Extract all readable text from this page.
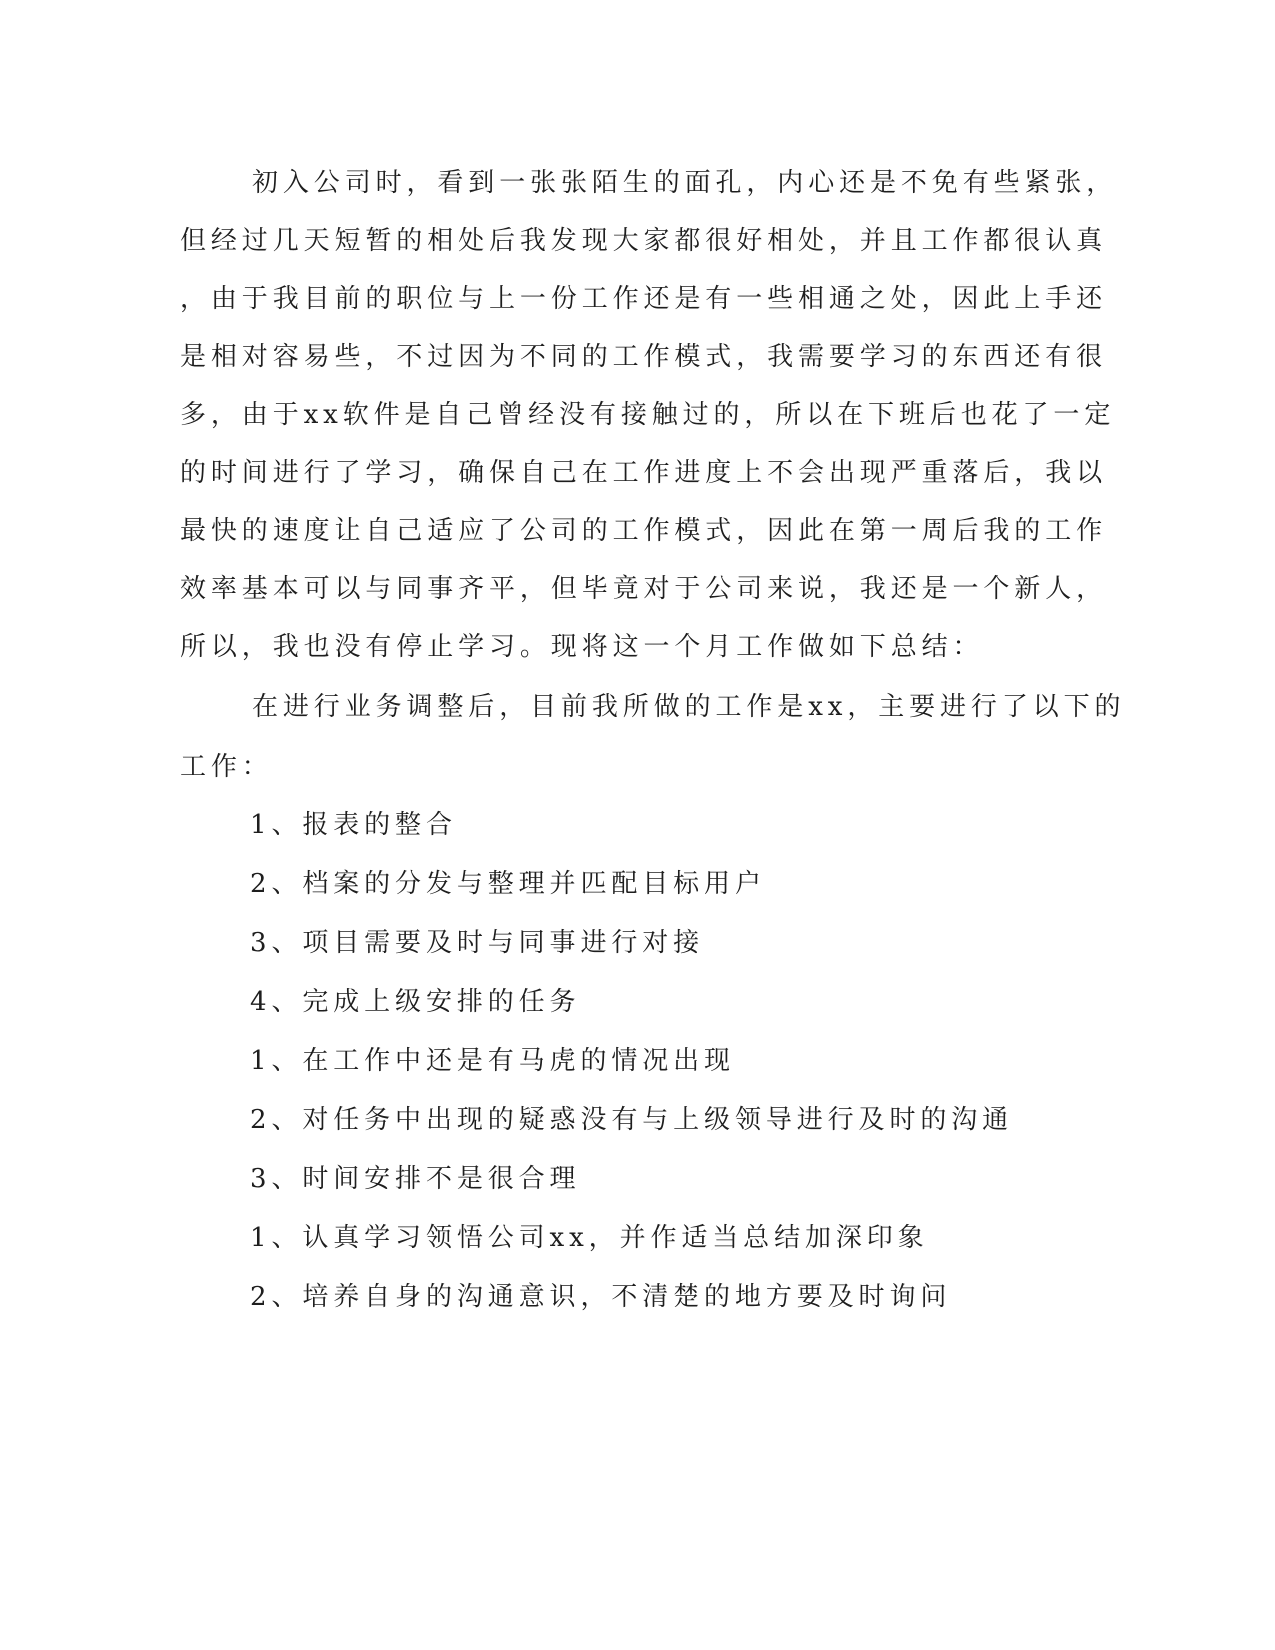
初入公司时，看到一张张陌生的面孔，内心还是不免有些紧张，
但经过几天短暂的相处后我发现大家都很好相处，并且工作都很认真
，由于我目前的职位与上一份工作还是有一些相通之处，因此上手还
是相对容易些，不过因为不同的工作模式，我需要学习的东西还有很
多，由于xx软件是自己曾经没有接触过的，所以在下班后也花了一定
的时间进行了学习，确保自己在工作进度上不会出现严重落后，我以
最快的速度让自己适应了公司的工作模式，因此在第一周后我的工作
效率基本可以与同事齐平，但毕竟对于公司来说，我还是一个新人，
所以，我也没有停止学习。现将这一个月工作做如下总结：
在进行业务调整后，目前我所做的工作是xx，主要进行了以下的
工作：
1、报表的整合
2、档案的分发与整理并匹配目标用户
3、项目需要及时与同事进行对接
4、完成上级安排的任务
1、在工作中还是有马虎的情况出现
2、对任务中出现的疑惑没有与上级领导进行及时的沟通
3、时间安排不是很合理
1、认真学习领悟公司xx，并作适当总结加深印象
2、培养自身的沟通意识，不清楚的地方要及时询问
